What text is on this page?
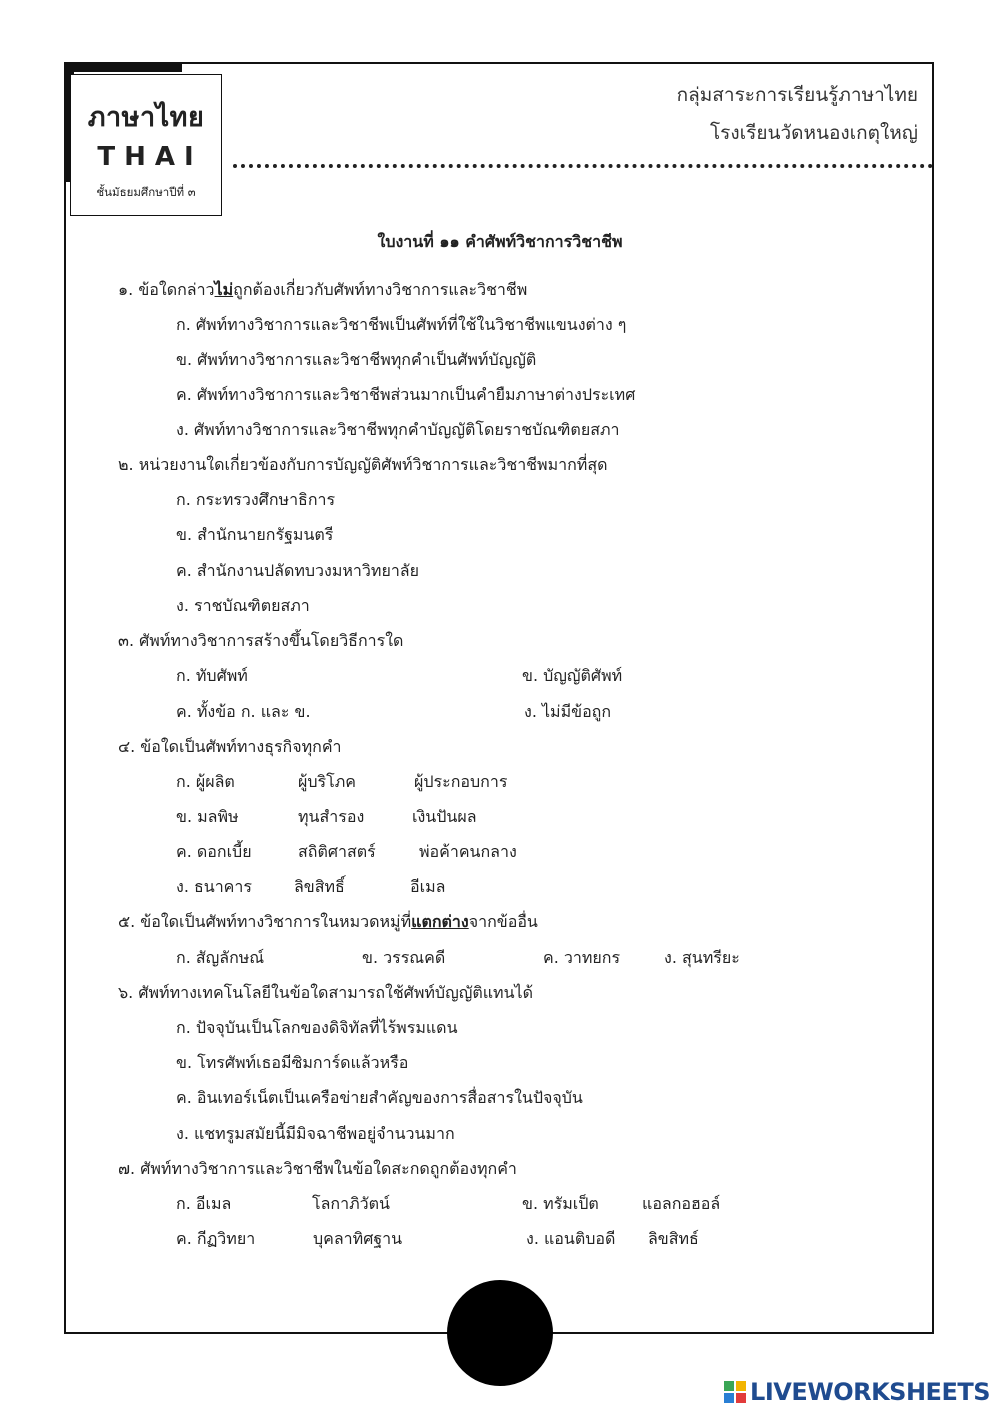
ภาษาไทย
THAI
ชั้นมัธยมศึกษาปีที่ ๓
กลุ่มสาระการเรียนรู้ภาษาไทย
โรงเรียนวัดหนองเกตุใหญ่
ใบงานที่ ๑๑ คำศัพท์วิชาการวิชาชีพ
๑. ข้อใดกล่าวไม่ถูกต้องเกี่ยวกับศัพท์ทางวิชาการและวิชาชีพ
ก. ศัพท์ทางวิชาการและวิชาชีพเป็นศัพท์ที่ใช้ในวิชาชีพแขนงต่าง ๆ
ข. ศัพท์ทางวิชาการและวิชาชีพทุกคำเป็นศัพท์บัญญัติ
ค. ศัพท์ทางวิชาการและวิชาชีพส่วนมากเป็นคำยืมภาษาต่างประเทศ
ง. ศัพท์ทางวิชาการและวิชาชีพทุกคำบัญญัติโดยราชบัณฑิตยสภา
๒. หน่วยงานใดเกี่ยวข้องกับการบัญญัติศัพท์วิชาการและวิชาชีพมากที่สุด
ก. กระทรวงศึกษาธิการ
ข. สำนักนายกรัฐมนตรี
ค. สำนักงานปลัดทบวงมหาวิทยาลัย
ง. ราชบัณฑิตยสภา
๓. ศัพท์ทางวิชาการสร้างขึ้นโดยวิธีการใด
ก. ทับศัพท์	ข. บัญญัติศัพท์
ค. ทั้งข้อ ก. และ ข.	ง. ไม่มีข้อถูก
๔. ข้อใดเป็นศัพท์ทางธุรกิจทุกคำ
ก. ผู้ผลิต	ผู้บริโภค	ผู้ประกอบการ
ข. มลพิษ	ทุนสำรอง	เงินปันผล
ค. ดอกเบี้ย	สถิติศาสตร์	พ่อค้าคนกลาง
ง. ธนาคาร	ลิขสิทธิ์	อีเมล
๕. ข้อใดเป็นศัพท์ทางวิชาการในหมวดหมู่ที่แตกต่างจากข้ออื่น
ก. สัญลักษณ์	ข. วรรณคดี	ค. วาทยกร	ง. สุนทรียะ
๖. ศัพท์ทางเทคโนโลยีในข้อใดสามารถใช้ศัพท์บัญญัติแทนได้
ก. ปัจจุบันเป็นโลกของดิจิทัลที่ไร้พรมแดน
ข. โทรศัพท์เธอมีซิมการ์ดแล้วหรือ
ค. อินเทอร์เน็ตเป็นเครือข่ายสำคัญของการสื่อสารในปัจจุบัน
ง. แชทรูมสมัยนี้มีมิจฉาชีพอยู่จำนวนมาก
๗. ศัพท์ทางวิชาการและวิชาชีพในข้อใดสะกดถูกต้องทุกคำ
ก. อีเมล	โลกาภิวัตน์	ข. ทรัมเป็ต	แอลกอฮอล์
ค. กีฏวิทยา	บุคลาทิศฐาน	ง. แอนติบอดี ลิขสิทธ์
LIVEWORKSHEETS
